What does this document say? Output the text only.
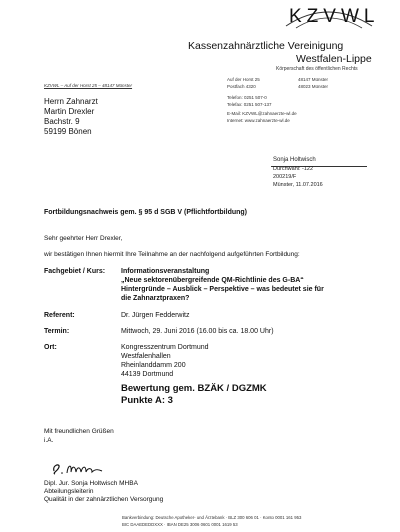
KZVWL
Kassenzahnärztliche Vereinigung
Westfalen-Lippe
Körperschaft des öffentlichen Rechts
KZVWL – Auf der Horst 25 – 48147 Münster
Herrn Zahnarzt
Martin Drexler
Bachstr. 9
59199 Bönen
Auf der Horst 25	48147 Münster
Postfach 4320	48023 Münster
Telefon: 0251 507-0
Telefax: 0251 507-137
E-Mail: KZVWL@zahnaerzte-wl.de
Internet: www.zahnaerzte-wl.de
Sonja Holtwisch
Durchwahl: -122
200219/F
Münster, 11.07.2016
Fortbildungsnachweis gem. § 95 d SGB V (Pflichtfortbildung)
Sehr geehrter Herr Drexler,
wir bestätigen Ihnen hiermit Ihre Teilnahme an der nachfolgend aufgeführten Fortbildung:
Fachgebiet / Kurs: Informationsveranstaltung
„Neue sektorenübergreifende QM-Richtlinie des G-BA“
Hintergründe – Ausblick – Perspektive – was bedeutet sie für
die Zahnarztpraxen?
Referent:	Dr. Jürgen Fedderwitz
Termin:	Mittwoch, 29. Juni 2016 (16.00 bis ca. 18.00 Uhr)
Ort:	Kongresszentrum Dortmund
Westfalenhallen
Rheinlanddamm 200
44139 Dortmund
Bewertung gem. BZÄK / DGZMK
Punkte A: 3
Mit freundlichen Grüßen
i.A.
Dipl. Jur. Sonja Holtwisch MHBA
Abteilungsleiterin
Qualität in der zahnärztlichen Versorgung
Bankverbindung: Deutsche Apotheker- und Ärztebank · BLZ 300 606 01 · Konto 0001 161 953
BIC DAAEDEDDXXX · IBAN DE25 3006 0601 0001 1619 53
